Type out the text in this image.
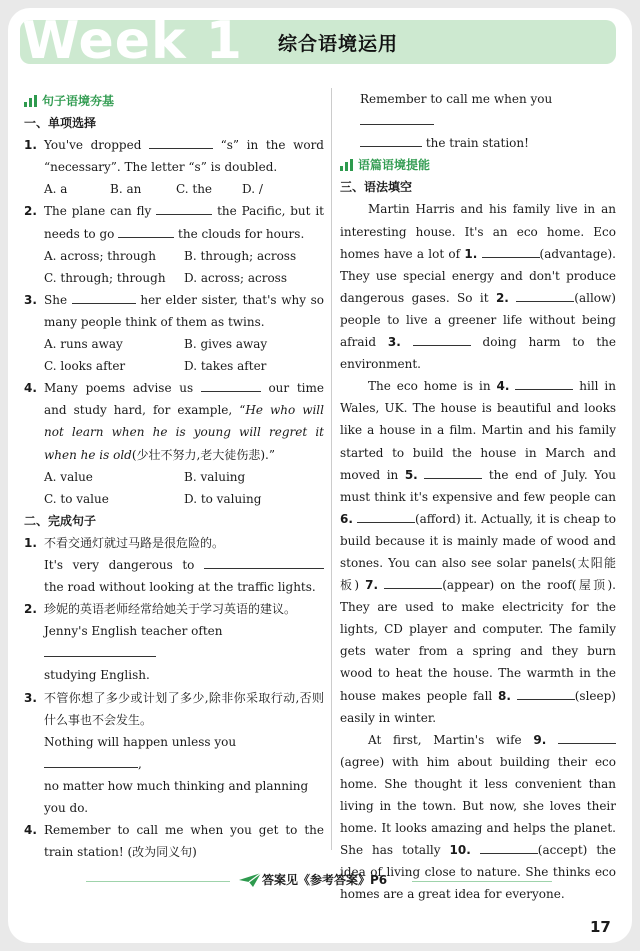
Week 1 综合语境运用
句子语境夯基
一、单项选择
1. You've dropped	“s” in the word “necessary”. The letter “s” is doubled.
A. a	B. an	C. the	D. /
2. The plane can fly	the Pacific, but it needs to go	the clouds for hours.
A. across; through	B. through; across
C. through; through	D. across; across
3. She	her elder sister, that's why so many people think of them as twins.
A. runs away	B. gives away
C. looks after	D. takes after
4. Many poems advise us	our time and study hard, for example, “He who will not learn when he is young will regret it when he is old(少壮不努力,老大徒伤悲).”
A. value	B. valuing
C. to value	D. to valuing
二、完成句子
1. 不看交通灯就过马路是很危险的。
It's very dangerous to  the road without looking at the traffic lights.
2. 珍妮的英语老师经常给她关于学习英语的建议。
Jenny's English teacher often
studying English.
3. 不管你想了多少或计划了多少,除非你采取行动,否则什么事也不会发生。
Nothing will happen unless you ,
no matter how much thinking and planning you do.
4. Remember to call me when you get to the train station! (改为同义句)
Remember to call me when you
the train station!
语篇语境提能
三、语法填空

Martin Harris and his family live in an interesting house. It's an eco home. Eco homes have a lot of 1.	(advantage). They use special energy and don't produce dangerous gases. So it 2.	(allow) people to live a greener life without being afraid 3.	doing harm to the environment.

The eco home is in 4.	hill in Wales, UK. The house is beautiful and looks like a house in a film. Martin and his family started to build the house in March and moved in 5.	the end of July. You must think it's expensive and few people can 6.	(afford) it. Actually, it is cheap to build because it is mainly made of wood and stones. You can also see solar panels(太阳能板) 7.	(appear) on the roof(屋顶). They are used to make electricity for the lights, CD player and computer. The family gets water from a spring and they burn wood to heat the house. The warmth in the house makes people fall 8.	(sleep) easily in winter.

At first, Martin's wife 9. (agree) with him about building their eco home. She thought it less convenient than living in the town. But now, she loves their home. It looks amazing and helps the planet. She has totally 10.	(accept) the idea of living close to nature. She thinks eco homes are a great idea for everyone.

答案见《参考答案》P6
17
